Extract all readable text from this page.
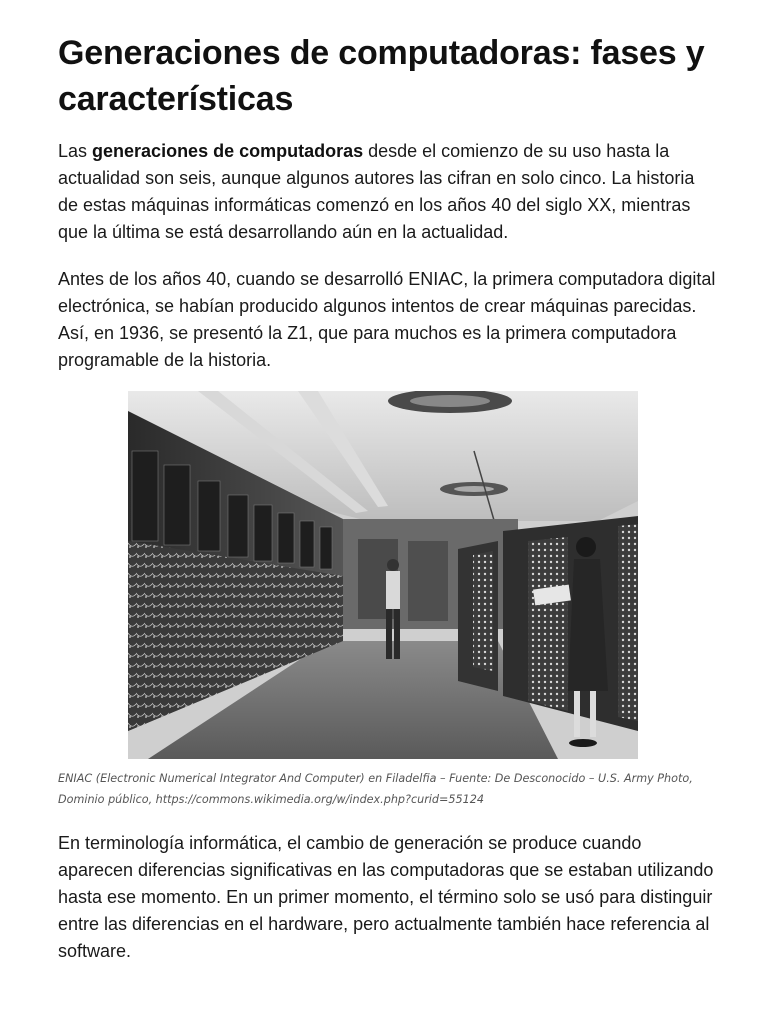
Generaciones de computadoras: fases y características

Las generaciones de computadoras desde el comienzo de su uso hasta la actualidad son seis, aunque algunos autores las cifran en solo cinco. La historia de estas máquinas informáticas comenzó en los años 40 del siglo XX, mientras que la última se está desarrollando aún en la actualidad.

Antes de los años 40, cuando se desarrolló ENIAC, la primera computadora digital electrónica, se habían producido algunos intentos de crear máquinas parecidas. Así, en 1936, se presentó la Z1, que para muchos es la primera computadora programable de la historia.

En terminología informática, el cambio de generación se produce cuando aparecen diferencias significativas en las computadoras que se estaban utilizando hasta ese momento. En un primer momento, el término solo se usó para distinguir entre las diferencias en el hardware, pero actualmente también hace referencia al software.

ENIAC (Electronic Numerical Integrator And Computer) en Filadelfia – Fuente: De Desconocido – U.S. Army Photo, Dominio público, https://commons.wikimedia.org/w/index.php?curid=55124
